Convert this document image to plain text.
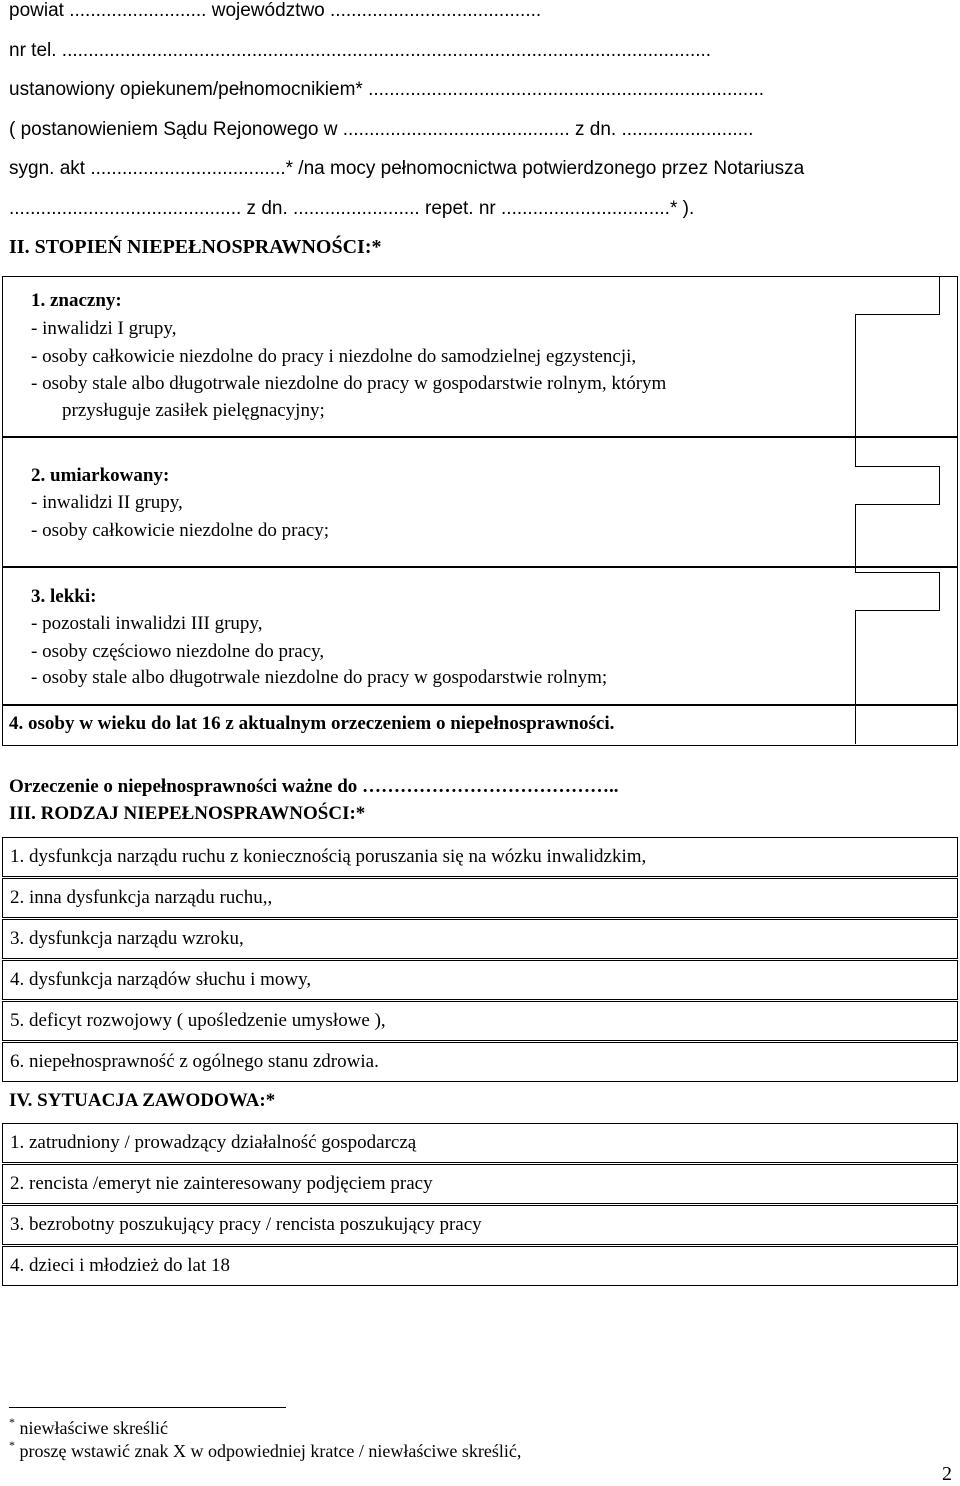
powiat .......................... województwo ........................................
nr tel. ...........................................................................................................................
ustanowiony opiekunem/pełnomocnikiem* ...........................................................................
( postanowieniem Sądu Rejonowego w ........................................... z dn. .........................
sygn. akt .....................................* /na mocy pełnomocnictwa potwierdzonego przez Notariusza
............................................ z dn. ........................ repet. nr ................................* ).
II. STOPIEŃ NIEPEŁNOSPRAWNOŚCI:*
1. znaczny:
- inwalidzi I grupy,
- osoby całkowicie niezdolne do pracy i niezdolne do samodzielnej egzystencji,
- osoby stale albo długotrwale niezdolne do pracy w gospodarstwie rolnym, którym
przysługuje zasiłek pielęgnacyjny;
2. umiarkowany:
- inwalidzi II grupy,
- osoby całkowicie niezdolne do pracy;
3. lekki:
- pozostali inwalidzi III grupy,
- osoby częściowo niezdolne do pracy,
- osoby stale albo długotrwale niezdolne do pracy w gospodarstwie rolnym;
4. osoby w wieku do lat 16 z aktualnym orzeczeniem o niepełnosprawności.
Orzeczenie o niepełnosprawności ważne do …………………………………..
III. RODZAJ NIEPEŁNOSPRAWNOŚCI:*
1. dysfunkcja narządu ruchu z koniecznością poruszania się na wózku inwalidzkim,
2. inna dysfunkcja narządu ruchu,,
3. dysfunkcja narządu wzroku,
4. dysfunkcja narządów słuchu i mowy,
5. deficyt rozwojowy ( upośledzenie umysłowe ),
6. niepełnosprawność z ogólnego stanu zdrowia.
IV. SYTUACJA ZAWODOWA:*
1. zatrudniony / prowadzący działalność gospodarczą
2. rencista /emeryt nie zainteresowany podjęciem pracy
3. bezrobotny poszukujący pracy / rencista poszukujący pracy
4. dzieci i młodzież do lat 18
* niewłaściwe skreślić
* proszę wstawić znak X w odpowiedniej kratce / niewłaściwe skreślić,
2
